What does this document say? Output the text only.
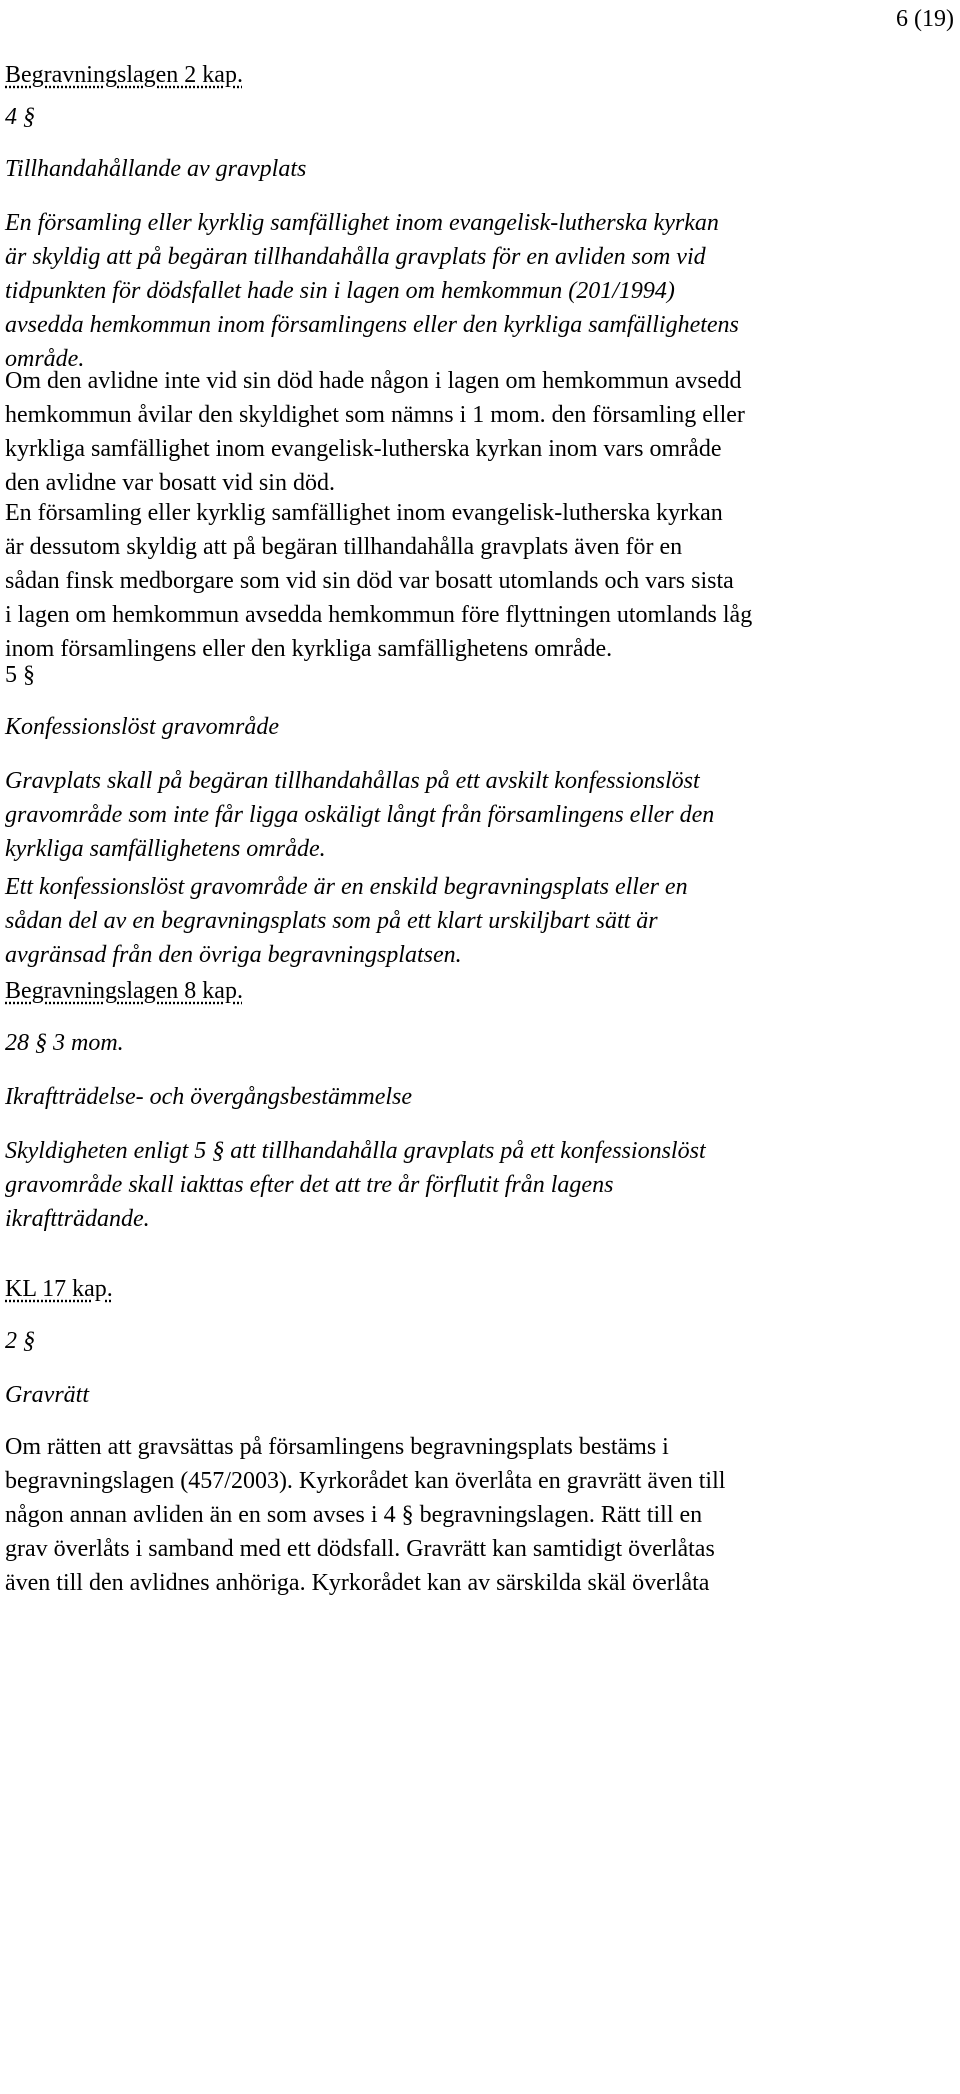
6 (19)
Begravningslagen 2 kap.
4 §
Tillhandahållande av gravplats
En församling eller kyrklig samfällighet inom evangelisk-lutherska kyrkan
är skyldig att på begäran tillhandahålla gravplats för en avliden som vid
tidpunkten för dödsfallet hade sin i lagen om hemkommun (201/1994)
avsedda hemkommun inom församlingens eller den kyrkliga samfällighetens
område.
Om den avlidne inte vid sin död hade någon i lagen om hemkommun avsedd
hemkommun åvilar den skyldighet som nämns i 1 mom. den församling eller
kyrkliga samfällighet inom evangelisk-lutherska kyrkan inom vars område
den avlidne var bosatt vid sin död.
En församling eller kyrklig samfällighet inom evangelisk-lutherska kyrkan
är dessutom skyldig att på begäran tillhandahålla gravplats även för en
sådan finsk medborgare som vid sin död var bosatt utomlands och vars sista
i lagen om hemkommun avsedda hemkommun före flyttningen utomlands låg
inom församlingens eller den kyrkliga samfällighetens område.
5 §
Konfessionslöst gravområde
Gravplats skall på begäran tillhandahållas på ett avskilt konfessionslöst
gravområde som inte får ligga oskäligt långt från församlingens eller den
kyrkliga samfällighetens område.
Ett konfessionslöst gravområde är en enskild begravningsplats eller en
sådan del av en begravningsplats som på ett klart urskiljbart sätt är
avgränsad från den övriga begravningsplatsen.
Begravningslagen 8 kap.
28 § 3 mom.
Ikraftträdelse- och övergångsbestämmelse
Skyldigheten enligt 5 § att tillhandahålla gravplats på ett konfessionslöst
gravområde skall iakttas efter det att tre år förflutit från lagens
ikraftträdande.
KL 17 kap.
2 §
Gravrätt
Om rätten att gravsättas på församlingens begravningsplats bestäms i
begravningslagen (457/2003). Kyrkorådet kan överlåta en gravrätt även till
någon annan avliden än en som avses i 4 § begravningslagen. Rätt till en
grav överlåts i samband med ett dödsfall. Gravrätt kan samtidigt överlåtas
även till den avlidnes anhöriga. Kyrkorådet kan av särskilda skäl överlåta
